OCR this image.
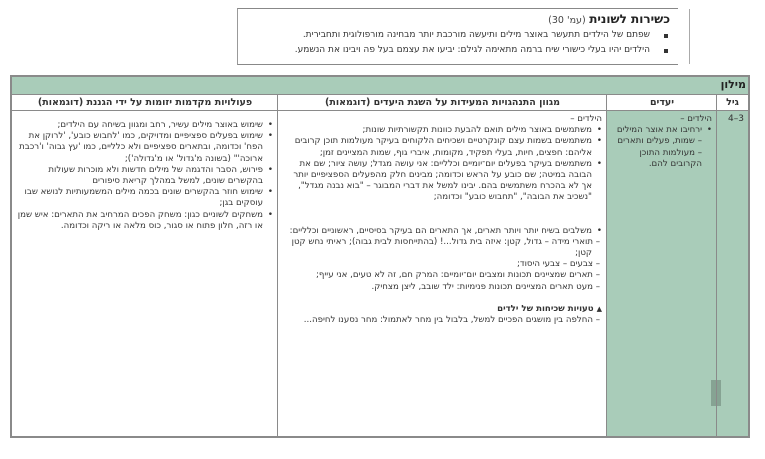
כשירות לשונית (עמ' 30)
שפתם של הילדים תתעשר באוצר מילים ותיעשה מורכבת יותר מבחינה מורפולוגית ותחבירית.
הילדים יהיו בעלי כישורי שיח ברמה מתאימה לגילם: יביעו את עצמם בעל פה ויבינו את הנשמע.
מילון
גיל
יעדים
מגוון התנהגויות המעידות על השגת היעדים (דוגמאות)
פעולויות מקדמות יזומות על ידי הגננת (דוגמאות)
4–3
הילדים –
• ירחיבו את אוצר המילים – שמות, פעלים ותארים – מעולמות התוכן הקרובים להם.
הילדים –
• משתמשים באוצר מילים תואם להבעת כוונות תקשורתיות שונות;
• משתמשים בשמות עצם קונקרטיים ושכיחים הלקוחים בעיקר מעולמות תוכן קרובים אליהם: חפצים, חיות, בעלי תפקיד, מקומות, איברי גוף, שמות המציינים זמן;
• משתמשים בעיקר בפעלים יום־יומיים וכלליים: אני עושה מגדל; עושה ציור; שם את הבובה במיטה; שם כובע על הראש וכדומה; מבינים חלק מהפעלים הספציפיים יותר אך לא בהכרח משתמשים בהם. יבינו למשל את דברי המבוגר – "בוא נבנה מגדל", "נשכיב את הבובה", "תחבוש כובע" וכדומה;
• משלבים בשיח יותר ויותר תארים, אך התארים הם בעיקר בסיסיים, ראשוניים וכלליים:
– תוארי מידה – גדול, קטן: איזה בית גדול...! (בהתייחסות לבית גבוה); ראיתי נחש קטן קטן;
– צבעים – צבעי היסוד;
– תארים שמציינים תכונות ומצבים יום־יומיים: המרק חם, זה לא טעים, אני עייף;
– מעט תארים המציינים תכונות פנימיות: ילד שובב, ליצן מצחיק.
▲ טעויות שכיחות של ילדים
– החלפה בין מושגים הפכיים למשל, בלבול בין מחר לאתמול: מחר נסענו לחיפה...
• שימוש באוצר מילים עשיר, רחב ומגוון בשיחה עם הילדים;
• שימוש בפעלים ספציפיים ומדויקים, כמו 'לחבוש כובע', 'לרוקן את הפח' וכדומה, ובתארים ספציפיים ולא כלליים, כמו 'עץ גבוה' ו'רכבת ארוכה'" (בשונה מ'גדול' או מ'גדולה');
• פירוש, הסבר והדגמה של מילים חדשות ולא מוכרות שעולות בהקשרים שונים, למשל במהלך קריאת סיפורים
• שימוש חוזר בהקשרים שונים בכמה מילים המשמעותיות לנושא שבו עוסקים בגן;
• משחקים לשוניים כגון: משחק הפכים המרחיב את התארים: איש שמן או רזה, חלון פתוח או סגור, כוס מלאה או ריקה וכדומה.
